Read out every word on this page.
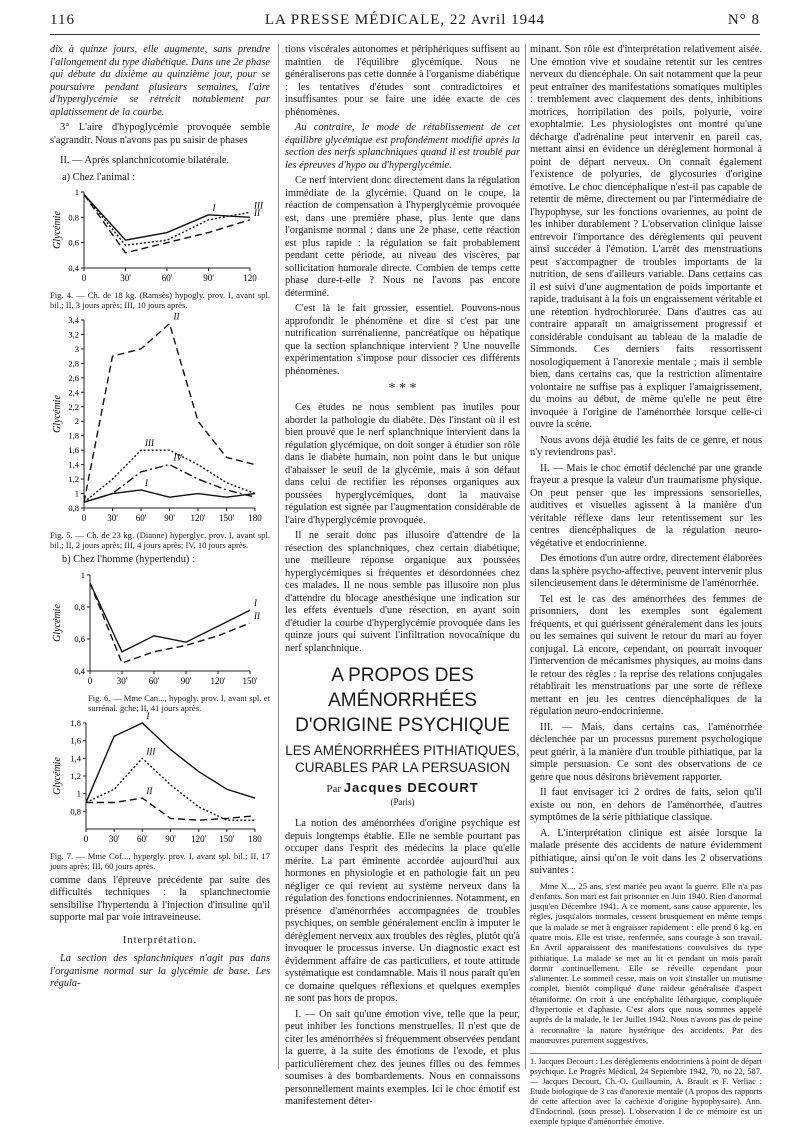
116	LA PRESSE MÉDICALE, 22 Avril 1944	N° 8

dix à quinze jours, elle augmente, sans prendre l'allongement du type diabétique. Dans une 2e phase qui débute du dixième au quinzième jour, pour se poursuivre pendant plusieurs semaines, l'aire d'hyperglycémie se rétrécit notablement par aplatissement de la courbe.

3° L'aire d'hypoglycémie provoquée semble s'agrandir. Nous n'avons pas pu saisir de phases

II. — Après splanchnicotomie bilatérale.

a) Chez l'animal :

0	30'	60'	90'	120
1
0,8
0,6
0,4
Glycémie
I
II
III

Fig. 4. — Ch. de 18 kg. (Ramsès) hypogly. prov. I, avant spl. bil.; II, 3 jours après; III, 10 jours après.

0 30' 60' 90' 120' 150' 180
3,4
3,2
3
2,8
2,6
2,4
2,2
2
1,8
1,6
1,4
1,2
1
0,8
Glycémie
I
II
III
IV

Fig. 5. — Ch. de 23 kg. (Dianne) hyperglyc. prov. I, avant spl. bil.; II, 2 jours après; III, 4 jours après; IV, 10 jours après.

b) Chez l'homme (hypertendu) :

0	30' 60' 90' 120' 150'
1
0,8
0,6
0,4
Glycémie
I
II

Fig. 6. — Mme Can..., hypogly. prov. I, avant spl. et surrénal. gche; II, 41 jours après.

0 30' 60' 90' 120' 150' 180
1,8
1,6
1,4
1,2
1
0,8
Glycémie
I
II
III

Fig. 7. — Mme Cof..., hypergly. prov. I, avant spl. bil.; II, 17 jours après; III, 60 jours après.

comme dans l'épreuve précédente par suite des difficultés techniques : la splanchnectomie sensibilise l'hypertendu à l'injection d'insuline qu'il supporte mal par voie intraveineuse.

Interprétation.

La section des splanchniques n'agit pas dans l'organisme normal sur la glycémie de base. Les régula-

tions viscérales autonomes et périphériques suffisent au maintien de l'équilibre glycémique. Nous ne généraliserons pas cette donnée à l'organisme diabétique : les tentatives d'études sont contradictoires et insuffisantes pour se faire une idée exacte de ces phénomènes.

Au contraire, le mode de rétablissement de cet équilibre glycémique est profondément modifié après la section des nerfs splanchniques quand il est troublé par les épreuves d'hypo ou d'hyperglycémie.

Ce nerf intervient donc directement dans la régulation immédiate de la glycémie. Quand on le coupe, la réaction de compensation à l'hyperglycémie provoquée est, dans une première phase, plus lente que dans l'organisme normal ; dans une 2e phase, cette réaction est plus rapide : la régulation se fait probablement pendant cette période, au niveau des viscères, par sollicitation humorale directe. Combien de temps cette phase dure-t-elle ? Nous ne l'avons pas encore déterminé.

C'est là le fait grossier, essentiel. Pouvons-nous approfondir le phénomène et dire si c'est par une nutrification surrénalienne, pancréatique ou hépatique que la section splanchnique intervient ? Une nouvelle expérimentation s'impose pour dissocier ces différents phénomènes.

* * *

Ces études ne nous semblent pas inutiles pour aborder la pathologie du diabète. Dès l'instant où il est bien prouvé que le nerf splanchnique intervient dans la régulation glycémique, on doit songer à étudier son rôle dans le diabète humain, non point dans le but unique d'abaisser le seuil de la glycémie, mais à son défaut dans celui de rectifier les réponses organiques aux poussées hyperglycémiques, dont la mauvaise régulation est signée par l'augmentation considérable de l'aire d'hyperglycémie provoquée.

Il ne serait donc pas illusoire d'attendre de la résection des splanchniques, chez certain diabétique, une meilleure réponse organique aux poussées hyperglycémiques si fréquentes et désordonnées chez ces malades. Il ne nous semble pas illusoire non plus d'attendre du blocage anesthésique une indication sur les effets éventuels d'une résection, en ayant soin d'étudier la courbe d'hyperglycémie provoquée dans les quinze jours qui suivent l'infiltration novocaïnique du nerf splanchnique.

A PROPOS DES AMÉNORRHÉES
D'ORIGINE PSYCHIQUE
LES AMÉNORRHÉES PITHIATIQUES,
CURABLES PAR LA PERSUASION
Par Jacques DECOURT
(Paris)

La notion des aménorrhées d'origine psychique est depuis longtemps établie. Elle ne semble pourtant pas occuper dans l'esprit des médecins la place qu'elle mérite. La part éminente accordée aujourd'hui aux hormones en physiologie et en pathologie fait un peu négliger ce qui revient au système nerveux dans la régulation des fonctions endocriniennes. Notamment, en présence d'aménorrhées accompagnées de troubles psychiques, on semble généralement enclin à imputer le dérèglement nerveux aux troubles des règles, plutôt qu'à invoquer le processus inverse. Un diagnostic exact est évidemment affaire de cas particuliers, et toute attitude systématique est condamnable. Mais il nous paraît qu'en ce domaine quelques réflexions et quelques exemples ne sont pas hors de propos.

I. — On sait qu'une émotion vive, telle que la peur, peut inhiber les fonctions menstruelles. Il n'est que de citer les aménorrhées si fréquemment observées pendant la guerre, à la suite des émotions de l'exode, et plus particulièrement chez des jeunes filles ou des femmes soumises à des bombardements. Nous en connaissons personnellement maints exemples. Ici le choc émotif est manifestement déter-

minant. Son rôle est d'interprétation relativement aisée. Une émotion vive et soudaine retentit sur les centres nerveux du diencéphale. On sait notamment que la peur peut entraîner des manifestations somatiques multiples : tremblement avec claquement des dents, inhibitions motrices, horripilation des poils, polyurie, voire exophtalmie. Les physiologistes ont montré qu'une décharge d'adrénaline peut intervenir en pareil cas, mettant ainsi en évidence un dérèglement hormonal à point de départ nerveux. On connaît également l'existence de polyuries, de glycosuries d'origine émotive. Le choc diencéphalique n'est-il pas capable de retentir de même, directement ou par l'intermédiaire de l'hypophyse, sur les fonctions ovariennes, au point de les inhiber durablement ? L'observation clinique laisse entrevoir l'importance des dérèglements qui peuvent ainsi succéder à l'émotion. L'arrêt des menstruations peut s'accompagner de troubles importants de la nutrition, de sens d'ailleurs variable. Dans certains cas il est suivi d'une augmentation de poids importante et rapide, traduisant à la fois un engraissement véritable et une rétention hydrochlorurée. Dans d'autres cas au contraire apparaît un amaigrissement progressif et considérable conduisant au tableau de la maladie de Simmonds. Ces derniers faits ressortissent nosologiquement à l'anorexie mentale ; mais il semble bien, dans certains cas, que la restriction alimentaire volontaire ne suffise pas à expliquer l'amaigrissement, du moins au début, de même qu'elle ne peut être invoquée à l'origine de l'aménorrhée lorsque celle-ci ouvre la scène.

Nous avons déjà étudié les faits de ce genre, et nous n'y reviendrons pas¹.

II. — Mais le choc émotif déclenché par une grande frayeur a presque la valeur d'un traumatisme physique. On peut penser que les impressions sensorielles, auditives et visuelles agissent à la manière d'un véritable réflexe dans leur retentissement sur les centres diencéphaliques de la régulation neuro-végétative et endocrinienne.

Des émotions d'un autre ordre, directement élaborées dans la sphère psycho-affective, peuvent intervenir plus silencieusement dans le déterminisme de l'aménorrhée.

Tel est le cas des aménorrhées des femmes de prisonniers, dont les exemples sont également fréquents, et qui guérissent généralement dans les jours ou les semaines qui suivent le retour du mari au foyer conjugal. Là encore, cependant, on pourrait invoquer l'intervention de mécanismes physiques, au moins dans le retour des règles : la reprise des relations conjugales rétablirait les menstruations par une sorte de réflexe mettant en jeu les centres diencéphaliques de la régulation neuro-endocrinienne.

III. — Mais, dans certains cas, l'aménorrhée déclenchée par un processus purement psychologique peut guérir, à la manière d'un trouble pithiatique, par la simple persuasion. Ce sont des observations de ce genre que nous désirons brièvement rapporter.

Il faut envisager ici 2 ordres de faits, selon qu'il existe ou non, en dehors de l'aménorrhée, d'autres symptômes de la série pithiatique classique.

A. L'interprétation clinique est aisée lorsque la malade présente des accidents de nature évidemment pithiatique, ainsi qu'on le voit dans les 2 observations suivantes :

Mme X..., 25 ans, s'est mariée peu avant la guerre. Elle n'a pas d'enfants. Son mari est fait prisonnier en Juin 1940. Rien d'anormal jusqu'en Décembre 1941. A ce moment, sans cause apparente, les règles, jusqu'alors normales, cessent brusquement en même temps que la malade se met à engraisser rapidement : elle prend 6 kg. en quatre mois. Elle est triste, renfermée, sans courage à son travail. En Avril apparaissent des manifestations convulsives du type pithiatique. La malade se met au lit et pendant un mois paraît dormir continuellement. Elle se réveille cependant pour s'alimenter. Le sommeil cesse, mais on voit s'installer un mutisme complet, bientôt compliqué d'une raideur généralisée d'aspect tétaniforme. On croit à une encéphalite léthargique, compliquée d'hypertonie et d'aphasie. C'est alors que nous sommes appelé auprès de la malade, le 1er Juillet 1942. Nous n'avons pas de peine à reconnaître la nature hystérique des accidents. Par des manœuvres purement suggestives,

1. Jacques Decourt : Les dérèglements endocriniens à point de départ psychique. Le Progrès Médical, 24 Septembre 1942, 70, no 22, 587. — Jacques Decourt, Ch.-O. Guillaumin, A. Brault et F. Verliac : Etude biologique de 3 cas d'anorexie mentale (A propos des rapports de cette affection avec la cachexie d'origine hypophysaire). Ann. d'Endocrinol. (sous presse). L'observation I de ce mémoire est un exemple typique d'aménorrhée émotive.
